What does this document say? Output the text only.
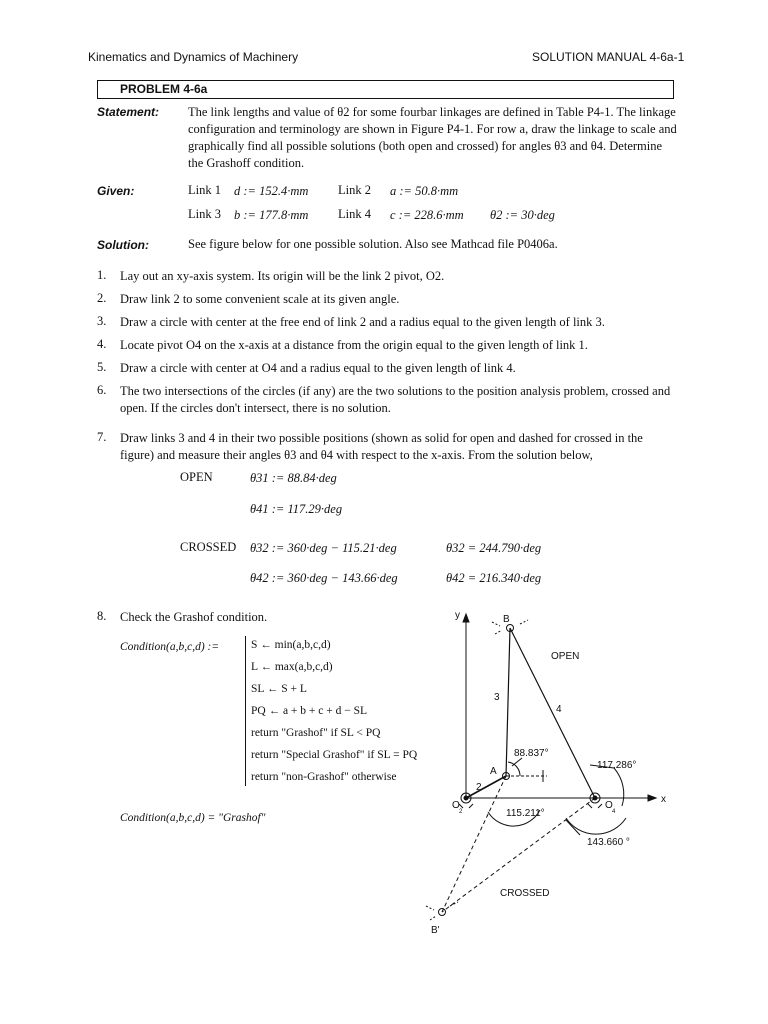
Kinematics and Dynamics of Machinery	SOLUTION MANUAL 4-6a-1
PROBLEM 4-6a
Statement: The link lengths and value of θ2 for some fourbar linkages are defined in Table P4-1. The linkage
configuration and terminology are shown in Figure P4-1. For row a, draw the linkage to scale and
graphically find all possible solutions (both open and crossed) for angles θ3 and θ4. Determine
the Grashoff condition.
Given:	Link 1 d := 152.4·mm Link 2 a := 50.8·mm
Link 3 b := 177.8·mm Link 4 c := 228.6·mm θ2 := 30·deg
Solution:	See figure below for one possible solution. Also see Mathcad file P0406a.
1. Lay out an xy-axis system. Its origin will be the link 2 pivot, O2.
2. Draw link 2 to some convenient scale at its given angle.
3. Draw a circle with center at the free end of link 2 and a radius equal to the given length of link 3.
4. Locate pivot O4 on the x-axis at a distance from the origin equal to the given length of link 1.
5. Draw a circle with center at O4 and a radius equal to the given length of link 4.
6. The two intersections of the circles (if any) are the two solutions to the position analysis problem, crossed and
open. If the circles don't intersect, there is no solution.
7. Draw links 3 and 4 in their two possible positions (shown as solid for open and dashed for crossed in the
figure) and measure their angles θ3 and θ4 with respect to the x-axis. From the solution below,
OPEN	θ31 := 88.84·deg
θ41 := 117.29·deg
CROSSED θ32 := 360·deg − 115.21·deg	θ32 = 244.790·deg
θ42 := 360·deg − 143.66·deg	θ42 = 216.340·deg
8. Check the Grashof condition.
Condition(a,b,c,d) :=	S ← min(a,b,c,d)
L ← max(a,b,c,d)
SL ← S + L
PQ ← a + b + c + d − SL
return "Grashof" if SL < PQ
return "Special Grashof" if SL = PQ
return "non-Grashof" otherwise
Condition(a,b,c,d) = "Grashof"
y
x
B
B'
A
O
2
O
4
2
3
4
OPEN
CROSSED
88.837°
117.286°
115.211°
143.660 °
